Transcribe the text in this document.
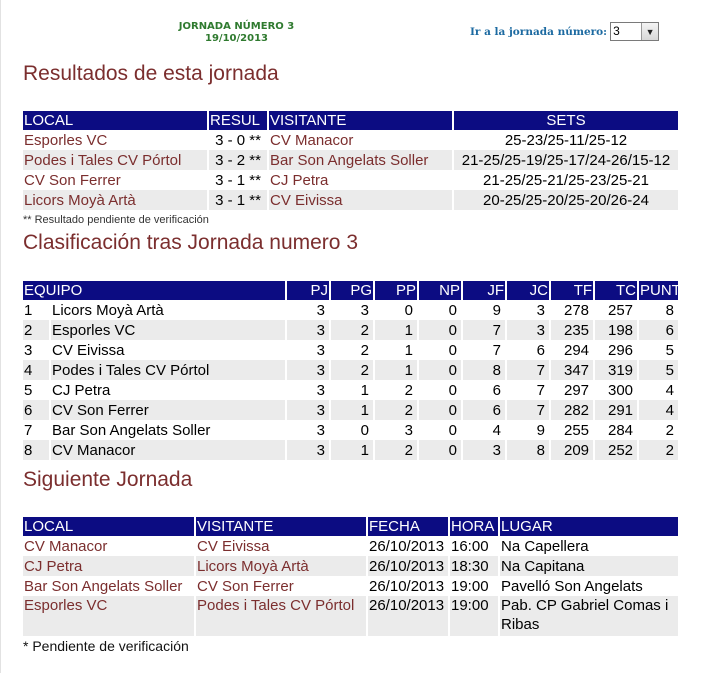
JORNADA NÚMERO 3
19/10/2013
Ir a la jornada número: 3	▼
Resultados de esta jornada
LOCAL	RESUL	VISITANTE	SETS
Esporles VC	3 - 0 **	CV Manacor	25-23/25-11/25-12
Podes i Tales CV Pórtol	3 - 2 **	Bar Son Angelats Soller	21-25/25-19/25-17/24-26/15-12
CV Son Ferrer	3 - 1 **	CJ Petra	21-25/25-21/25-23/25-21
Licors Moyà Artà	3 - 1 **	CV Eivissa	20-25/25-20/25-20/26-24
** Resultado pendiente de verificación
Clasificación tras Jornada numero 3
EQUIPO		PJ	PG	PP	NP	JF	JC	TF	TC	PUNTOS
1	Licors Moyà Artà	3	3	0	0	9	3	278	257	8
2	Esporles VC	3	2	1	0	7	3	235	198	6
3	CV Eivissa	3	2	1	0	7	6	294	296	5
4	Podes i Tales CV Pórtol	3	2	1	0	8	7	347	319	5
5	CJ Petra	3	1	2	0	6	7	297	300	4
6	CV Son Ferrer	3	1	2	0	6	7	282	291	4
7	Bar Son Angelats Soller	3	0	3	0	4	9	255	284	2
8	CV Manacor	3	1	2	0	3	8	209	252	2
Siguiente Jornada
LOCAL	VISITANTE	FECHA	HORA	LUGAR
CV Manacor	CV Eivissa	26/10/2013	16:00	Na Capellera
CJ Petra	Licors Moyà Artà	26/10/2013	18:30	Na Capitana
Bar Son Angelats Soller	CV Son Ferrer	26/10/2013	19:00	Pavelló Son Angelats
Esporles VC	Podes i Tales CV Pórtol	26/10/2013	19:00	Pab. CP Gabriel Comas i Ribas
* Pendiente de verificación
